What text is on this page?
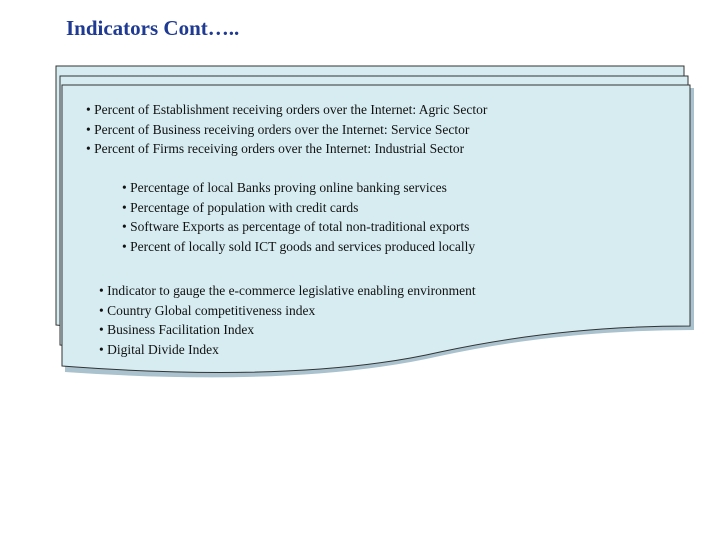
Indicators Cont…..
• Percent of Establishment receiving orders over the Internet: Agric Sector
• Percent of Business receiving orders over the Internet: Service Sector
• Percent of Firms receiving orders over the Internet: Industrial Sector
• Percentage of local Banks proving online banking services
• Percentage of population with credit cards
• Software Exports as percentage of total non-traditional exports
• Percent of locally sold ICT goods and services produced locally
• Indicator to gauge the e-commerce legislative enabling environment
• Country Global competitiveness index
• Business Facilitation Index
• Digital Divide Index
